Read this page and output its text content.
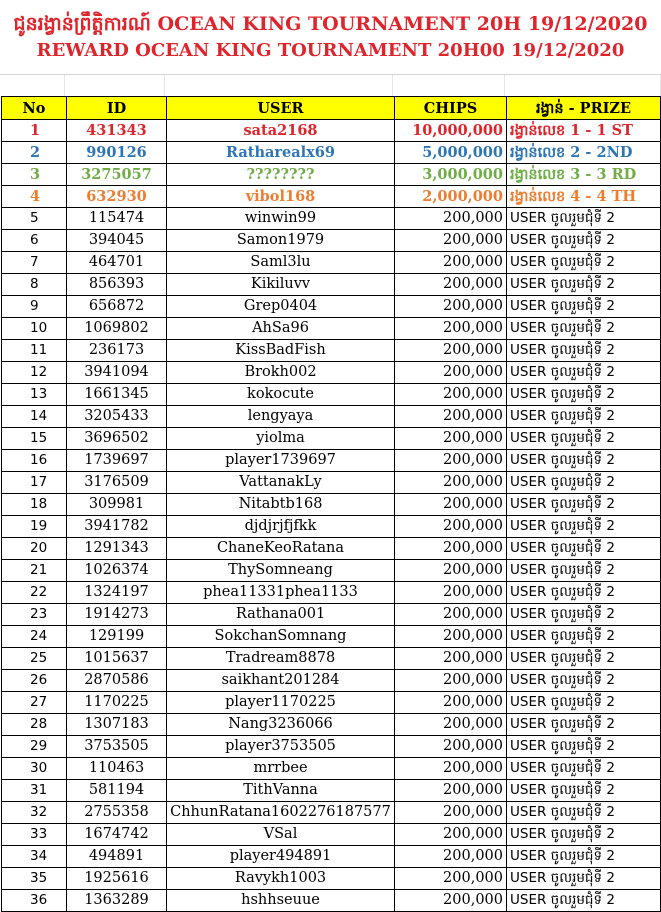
ជូនរង្វាន់ព្រឹត្តិការណ៍ OCEAN KING TOURNAMENT 20H 19/12/2020
REWARD OCEAN KING TOURNAMENT 20H00 19/12/2020
No	ID	USER	CHIPS	រង្វាន់ - PRIZE
1	431343	sata2168	10,000,000	រង្វាន់លេខ 1 - 1 ST
2	990126	Ratharealx69	5,000,000	រង្វាន់លេខ 2 - 2ND
3	3275057	????????	3,000,000	រង្វាន់លេខ 3 - 3 RD
4	632930	vibol168	2,000,000	រង្វាន់លេខ 4 - 4 TH
5	115474	winwin99	200,000	USER ចូលរួមជុំទី 2
6	394045	Samon1979	200,000	USER ចូលរួមជុំទី 2
7	464701	Saml3lu	200,000	USER ចូលរួមជុំទី 2
8	856393	Kikiluvv	200,000	USER ចូលរួមជុំទី 2
9	656872	Grep0404	200,000	USER ចូលរួមជុំទី 2
10	1069802	AhSa96	200,000	USER ចូលរួមជុំទី 2
11	236173	KissBadFish	200,000	USER ចូលរួមជុំទី 2
12	3941094	Brokh002	200,000	USER ចូលរួមជុំទី 2
13	1661345	kokocute	200,000	USER ចូលរួមជុំទី 2
14	3205433	lengyaya	200,000	USER ចូលរួមជុំទី 2
15	3696502	yiolma	200,000	USER ចូលរួមជុំទី 2
16	1739697	player1739697	200,000	USER ចូលរួមជុំទី 2
17	3176509	VattanakLy	200,000	USER ចូលរួមជុំទី 2
18	309981	Nitabtb168	200,000	USER ចូលរួមជុំទី 2
19	3941782	djdjrjfjfkk	200,000	USER ចូលរួមជុំទី 2
20	1291343	ChaneKeoRatana	200,000	USER ចូលរួមជុំទី 2
21	1026374	ThySomneang	200,000	USER ចូលរួមជុំទី 2
22	1324197	phea11331phea1133	200,000	USER ចូលរួមជុំទី 2
23	1914273	Rathana001	200,000	USER ចូលរួមជុំទី 2
24	129199	SokchanSomnang	200,000	USER ចូលរួមជុំទី 2
25	1015637	Tradream8878	200,000	USER ចូលរួមជុំទី 2
26	2870586	saikhant201284	200,000	USER ចូលរួមជុំទី 2
27	1170225	player1170225	200,000	USER ចូលរួមជុំទី 2
28	1307183	Nang3236066	200,000	USER ចូលរួមជុំទី 2
29	3753505	player3753505	200,000	USER ចូលរួមជុំទី 2
30	110463	mrrbee	200,000	USER ចូលរួមជុំទី 2
31	581194	TithVanna	200,000	USER ចូលរួមជុំទី 2
32	2755358	ChhunRatana1602276187577	200,000	USER ចូលរួមជុំទី 2
33	1674742	VSal	200,000	USER ចូលរួមជុំទី 2
34	494891	player494891	200,000	USER ចូលរួមជុំទី 2
35	1925616	Ravykh1003	200,000	USER ចូលរួមជុំទី 2
36	1363289	hshhseuue	200,000	USER ចូលរួមជុំទី 2
